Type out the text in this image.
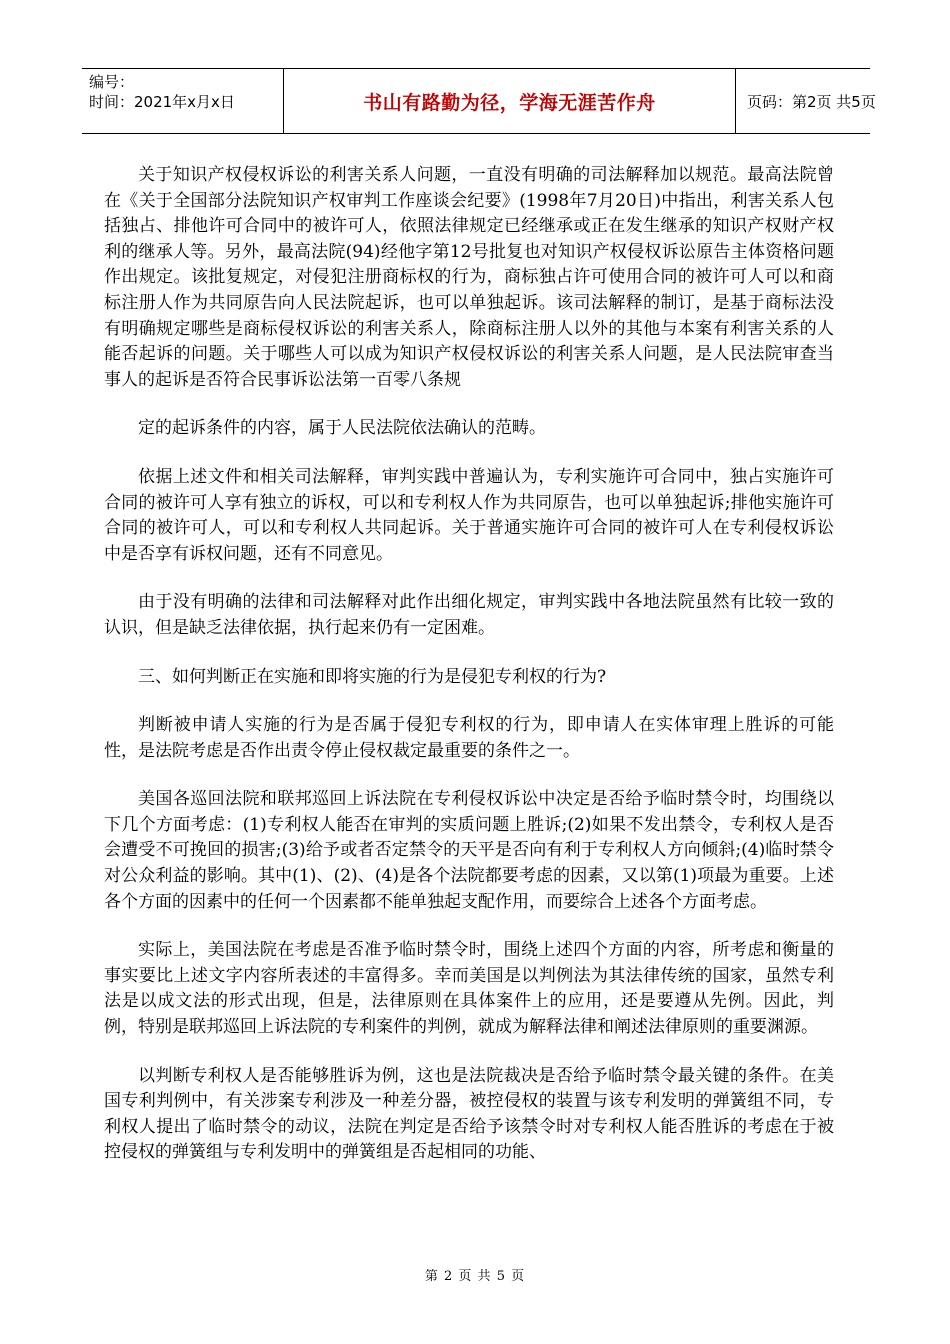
编号：
时间：2021年x月x日	书山有路勤为径，学海无涯苦作舟	页码：第2页 共5页

关于知识产权侵权诉讼的利害关系人问题，一直没有明确的司法解释加以规范。最高法院曾在《关于全国部分法院知识产权审判工作座谈会纪要》(1998年7月20日)中指出，利害关系人包括独占、排他许可合同中的被许可人，依照法律规定已经继承或正在发生继承的知识产权财产权利的继承人等。另外，最高法院(94)经他字第12号批复也对知识产权侵权诉讼原告主体资格问题作出规定。该批复规定，对侵犯注册商标权的行为，商标独占许可使用合同的被许可人可以和商标注册人作为共同原告向人民法院起诉，也可以单独起诉。该司法解释的制订，是基于商标法没有明确规定哪些是商标侵权诉讼的利害关系人，除商标注册人以外的其他与本案有利害关系的人能否起诉的问题。关于哪些人可以成为知识产权侵权诉讼的利害关系人问题，是人民法院审查当事人的起诉是否符合民事诉讼法第一百零八条规

定的起诉条件的内容，属于人民法院依法确认的范畴。

依据上述文件和相关司法解释，审判实践中普遍认为，专利实施许可合同中，独占实施许可合同的被许可人享有独立的诉权，可以和专利权人作为共同原告，也可以单独起诉;排他实施许可合同的被许可人，可以和专利权人共同起诉。关于普通实施许可合同的被许可人在专利侵权诉讼中是否享有诉权问题，还有不同意见。

由于没有明确的法律和司法解释对此作出细化规定，审判实践中各地法院虽然有比较一致的认识，但是缺乏法律依据，执行起来仍有一定困难。

三、如何判断正在实施和即将实施的行为是侵犯专利权的行为?

判断被申请人实施的行为是否属于侵犯专利权的行为，即申请人在实体审理上胜诉的可能性，是法院考虑是否作出责令停止侵权裁定最重要的条件之一。

美国各巡回法院和联邦巡回上诉法院在专利侵权诉讼中决定是否给予临时禁令时，均围绕以下几个方面考虑：(1)专利权人能否在审判的实质问题上胜诉;(2)如果不发出禁令，专利权人是否会遭受不可挽回的损害;(3)给予或者否定禁令的天平是否向有利于专利权人方向倾斜;(4)临时禁令对公众利益的影响。其中(1)、(2)、(4)是各个法院都要考虑的因素，又以第(1)项最为重要。上述各个方面的因素中的任何一个因素都不能单独起支配作用，而要综合上述各个方面考虑。

实际上，美国法院在考虑是否准予临时禁令时，围绕上述四个方面的内容，所考虑和衡量的事实要比上述文字内容所表述的丰富得多。幸而美国是以判例法为其法律传统的国家，虽然专利法是以成文法的形式出现，但是，法律原则在具体案件上的应用，还是要遵从先例。因此，判例，特别是联邦巡回上诉法院的专利案件的判例，就成为解释法律和阐述法律原则的重要渊源。

以判断专利权人是否能够胜诉为例，这也是法院裁决是否给予临时禁令最关键的条件。在美国专利判例中，有关涉案专利涉及一种差分器，被控侵权的装置与该专利发明的弹簧组不同，专利权人提出了临时禁令的动议，法院在判定是否给予该禁令时对专利权人能否胜诉的考虑在于被控侵权的弹簧组与专利发明中的弹簧组是否起相同的功能、

第 2 页 共 5 页
